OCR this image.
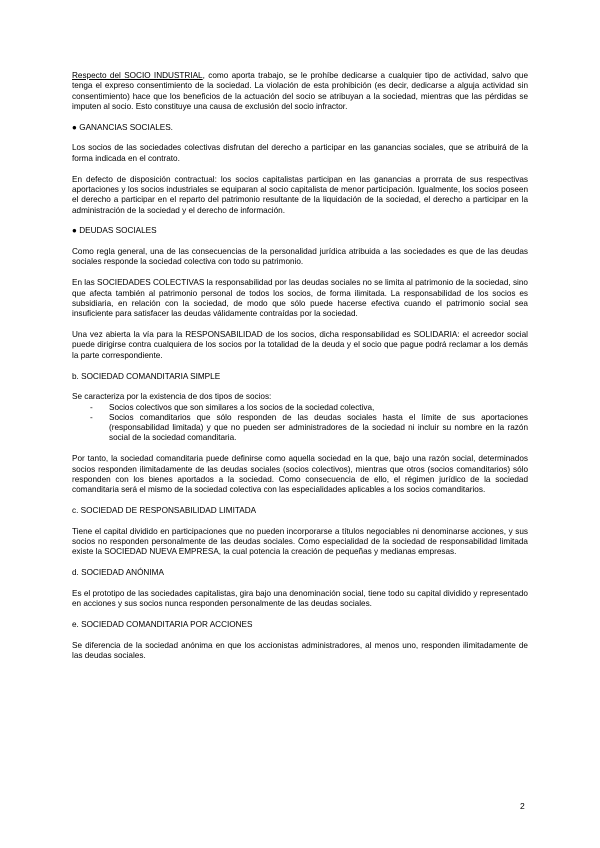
Respecto del SOCIO INDUSTRIAL, como aporta trabajo, se le prohíbe dedicarse a cualquier tipo de actividad, salvo que tenga el expreso consentimiento de la sociedad. La violación de esta prohibición (es decir, dedicarse a alguja actividad sin consentimiento) hace que los beneficios de la actuación del socio se atribuyan a la sociedad, mientras que las pérdidas se imputen al socio. Esto constituye una causa de exclusión del socio infractor.

● GANANCIAS SOCIALES.

Los socios de las sociedades colectivas disfrutan del derecho a participar en las ganancias sociales, que se atribuirá de la forma indicada en el contrato.

En defecto de disposición contractual: los socios capitalistas participan en las ganancias a prorrata de sus respectivas aportaciones y los socios industriales se equiparan al socio capitalista de menor participación. Igualmente, los socios poseen el derecho a participar en el reparto del patrimonio resultante de la liquidación de la sociedad, el derecho a participar en la administración de la sociedad y el derecho de información.

● DEUDAS SOCIALES

Como regla general, una de las consecuencias de la personalidad jurídica atribuida a las sociedades es que de las deudas sociales responde la sociedad colectiva con todo su patrimonio.

En las SOCIEDADES COLECTIVAS la responsabilidad por las deudas sociales no se limita al patrimonio de la sociedad, sino que afecta también al patrimonio personal de todos los socios, de forma ilimitada. La responsabilidad de los socios es subsidiaria, en relación con la sociedad, de modo que sólo puede hacerse efectiva cuando el patrimonio social sea insuficiente para satisfacer las deudas válidamente contraídas por la sociedad.

Una vez abierta la vía para la RESPONSABILIDAD de los socios, dicha responsabilidad es SOLIDARIA: el acreedor social puede dirigirse contra cualquiera de los socios por la totalidad de la deuda y el socio que pague podrá reclamar a los demás la parte correspondiente.

b. SOCIEDAD COMANDITARIA SIMPLE
Se caracteriza por la existencia de dos tipos de socios:
- Socios colectivos que son similares a los socios de la sociedad colectiva,
- Socios comanditarios que sólo responden de las deudas sociales hasta el límite de sus aportaciones (responsabilidad limitada) y que no pueden ser administradores de la sociedad ni incluir su nombre en la razón social de la sociedad comanditaria.

Por tanto, la sociedad comanditaria puede definirse como aquella sociedad en la que, bajo una razón social, determinados socios responden ilimitadamente de las deudas sociales (socios colectivos), mientras que otros (socios comanditarios) sólo responden con los bienes aportados a la sociedad. Como consecuencia de ello, el régimen jurídico de la sociedad comanditaria será el mismo de la sociedad colectiva con las especialidades aplicables a los socios comanditarios.

c. SOCIEDAD DE RESPONSABILIDAD LIMITADA

Tiene el capital dividido en participaciones que no pueden incorporarse a títulos negociables ni denominarse acciones, y sus socios no responden personalmente de las deudas sociales. Como especialidad de la sociedad de responsabilidad limitada existe la SOCIEDAD NUEVA EMPRESA, la cual potencia la creación de pequeñas y medianas empresas.

d. SOCIEDAD ANÓNIMA

Es el prototipo de las sociedades capitalistas, gira bajo una denominación social, tiene todo su capital dividido y representado en acciones y sus socios nunca responden personalmente de las deudas sociales.

e. SOCIEDAD COMANDITARIA POR ACCIONES

Se diferencia de la sociedad anónima en que los accionistas administradores, al menos uno, responden ilimitadamente de las deudas sociales.

2
